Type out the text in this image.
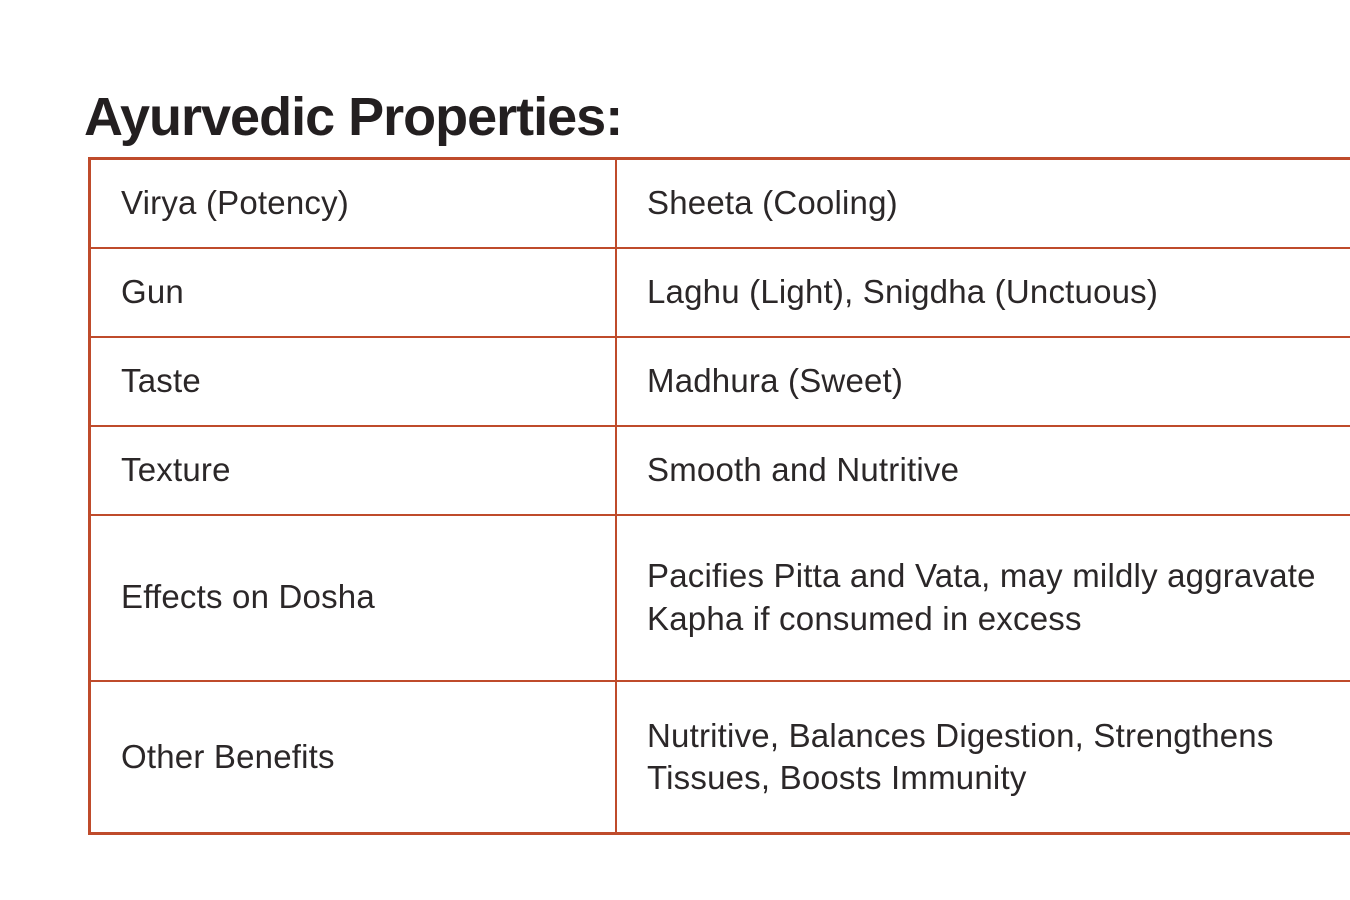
Ayurvedic Properties:
Virya (Potency)	Sheeta (Cooling)
Gun	Laghu (Light), Snigdha (Unctuous)
Taste	Madhura (Sweet)
Texture	Smooth and Nutritive
Effects on Dosha	Pacifies Pitta and Vata, may mildly aggravate Kapha if consumed in excess
Other Benefits	Nutritive, Balances Digestion, Strengthens Tissues, Boosts Immunity
